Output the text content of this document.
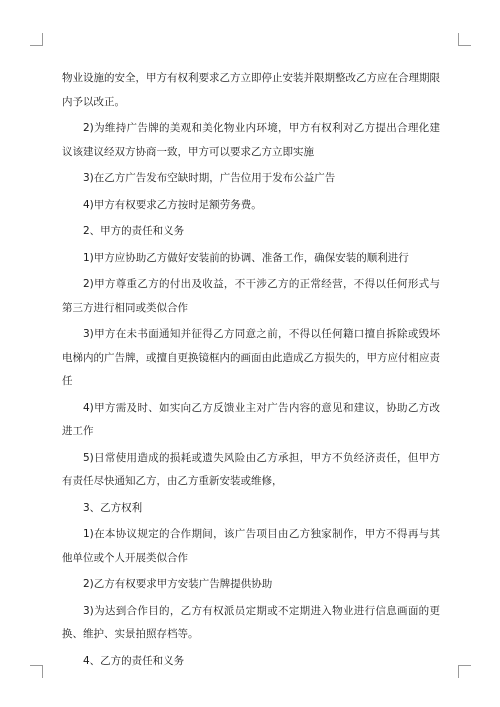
物业设施的安全，甲方有权利要求乙方立即停止安装并限期整改乙方应在合理期限内予以改正。

2)为维持广告牌的美观和美化物业内环境，甲方有权利对乙方提出合理化建议该建议经双方协商一致，甲方可以要求乙方立即实施

3)在乙方广告发布空缺时期，广告位用于发布公益广告

4)甲方有权要求乙方按时足额劳务费。

2、甲方的责任和义务

1)甲方应协助乙方做好安装前的协调、准备工作，确保安装的顺利进行

2)甲方尊重乙方的付出及收益，不干涉乙方的正常经营，不得以任何形式与第三方进行相同或类似合作

3)甲方在未书面通知并征得乙方同意之前，不得以任何籍口擅自拆除或毁坏电梯内的广告牌，或擅自更换镜框内的画面由此造成乙方损失的，甲方应付相应责任

4)甲方需及时、如实向乙方反馈业主对广告内容的意见和建议，协助乙方改进工作

5)日常使用造成的损耗或遗失风险由乙方承担，甲方不负经济责任，但甲方有责任尽快通知乙方，由乙方重新安装或维修，

3、乙方权利

1)在本协议规定的合作期间，该广告项目由乙方独家制作，甲方不得再与其他单位或个人开展类似合作

2)乙方有权要求甲方安装广告牌提供协助

3)为达到合作目的，乙方有权派员定期或不定期进入物业进行信息画面的更换、维护、实景拍照存档等。

4、乙方的责任和义务
